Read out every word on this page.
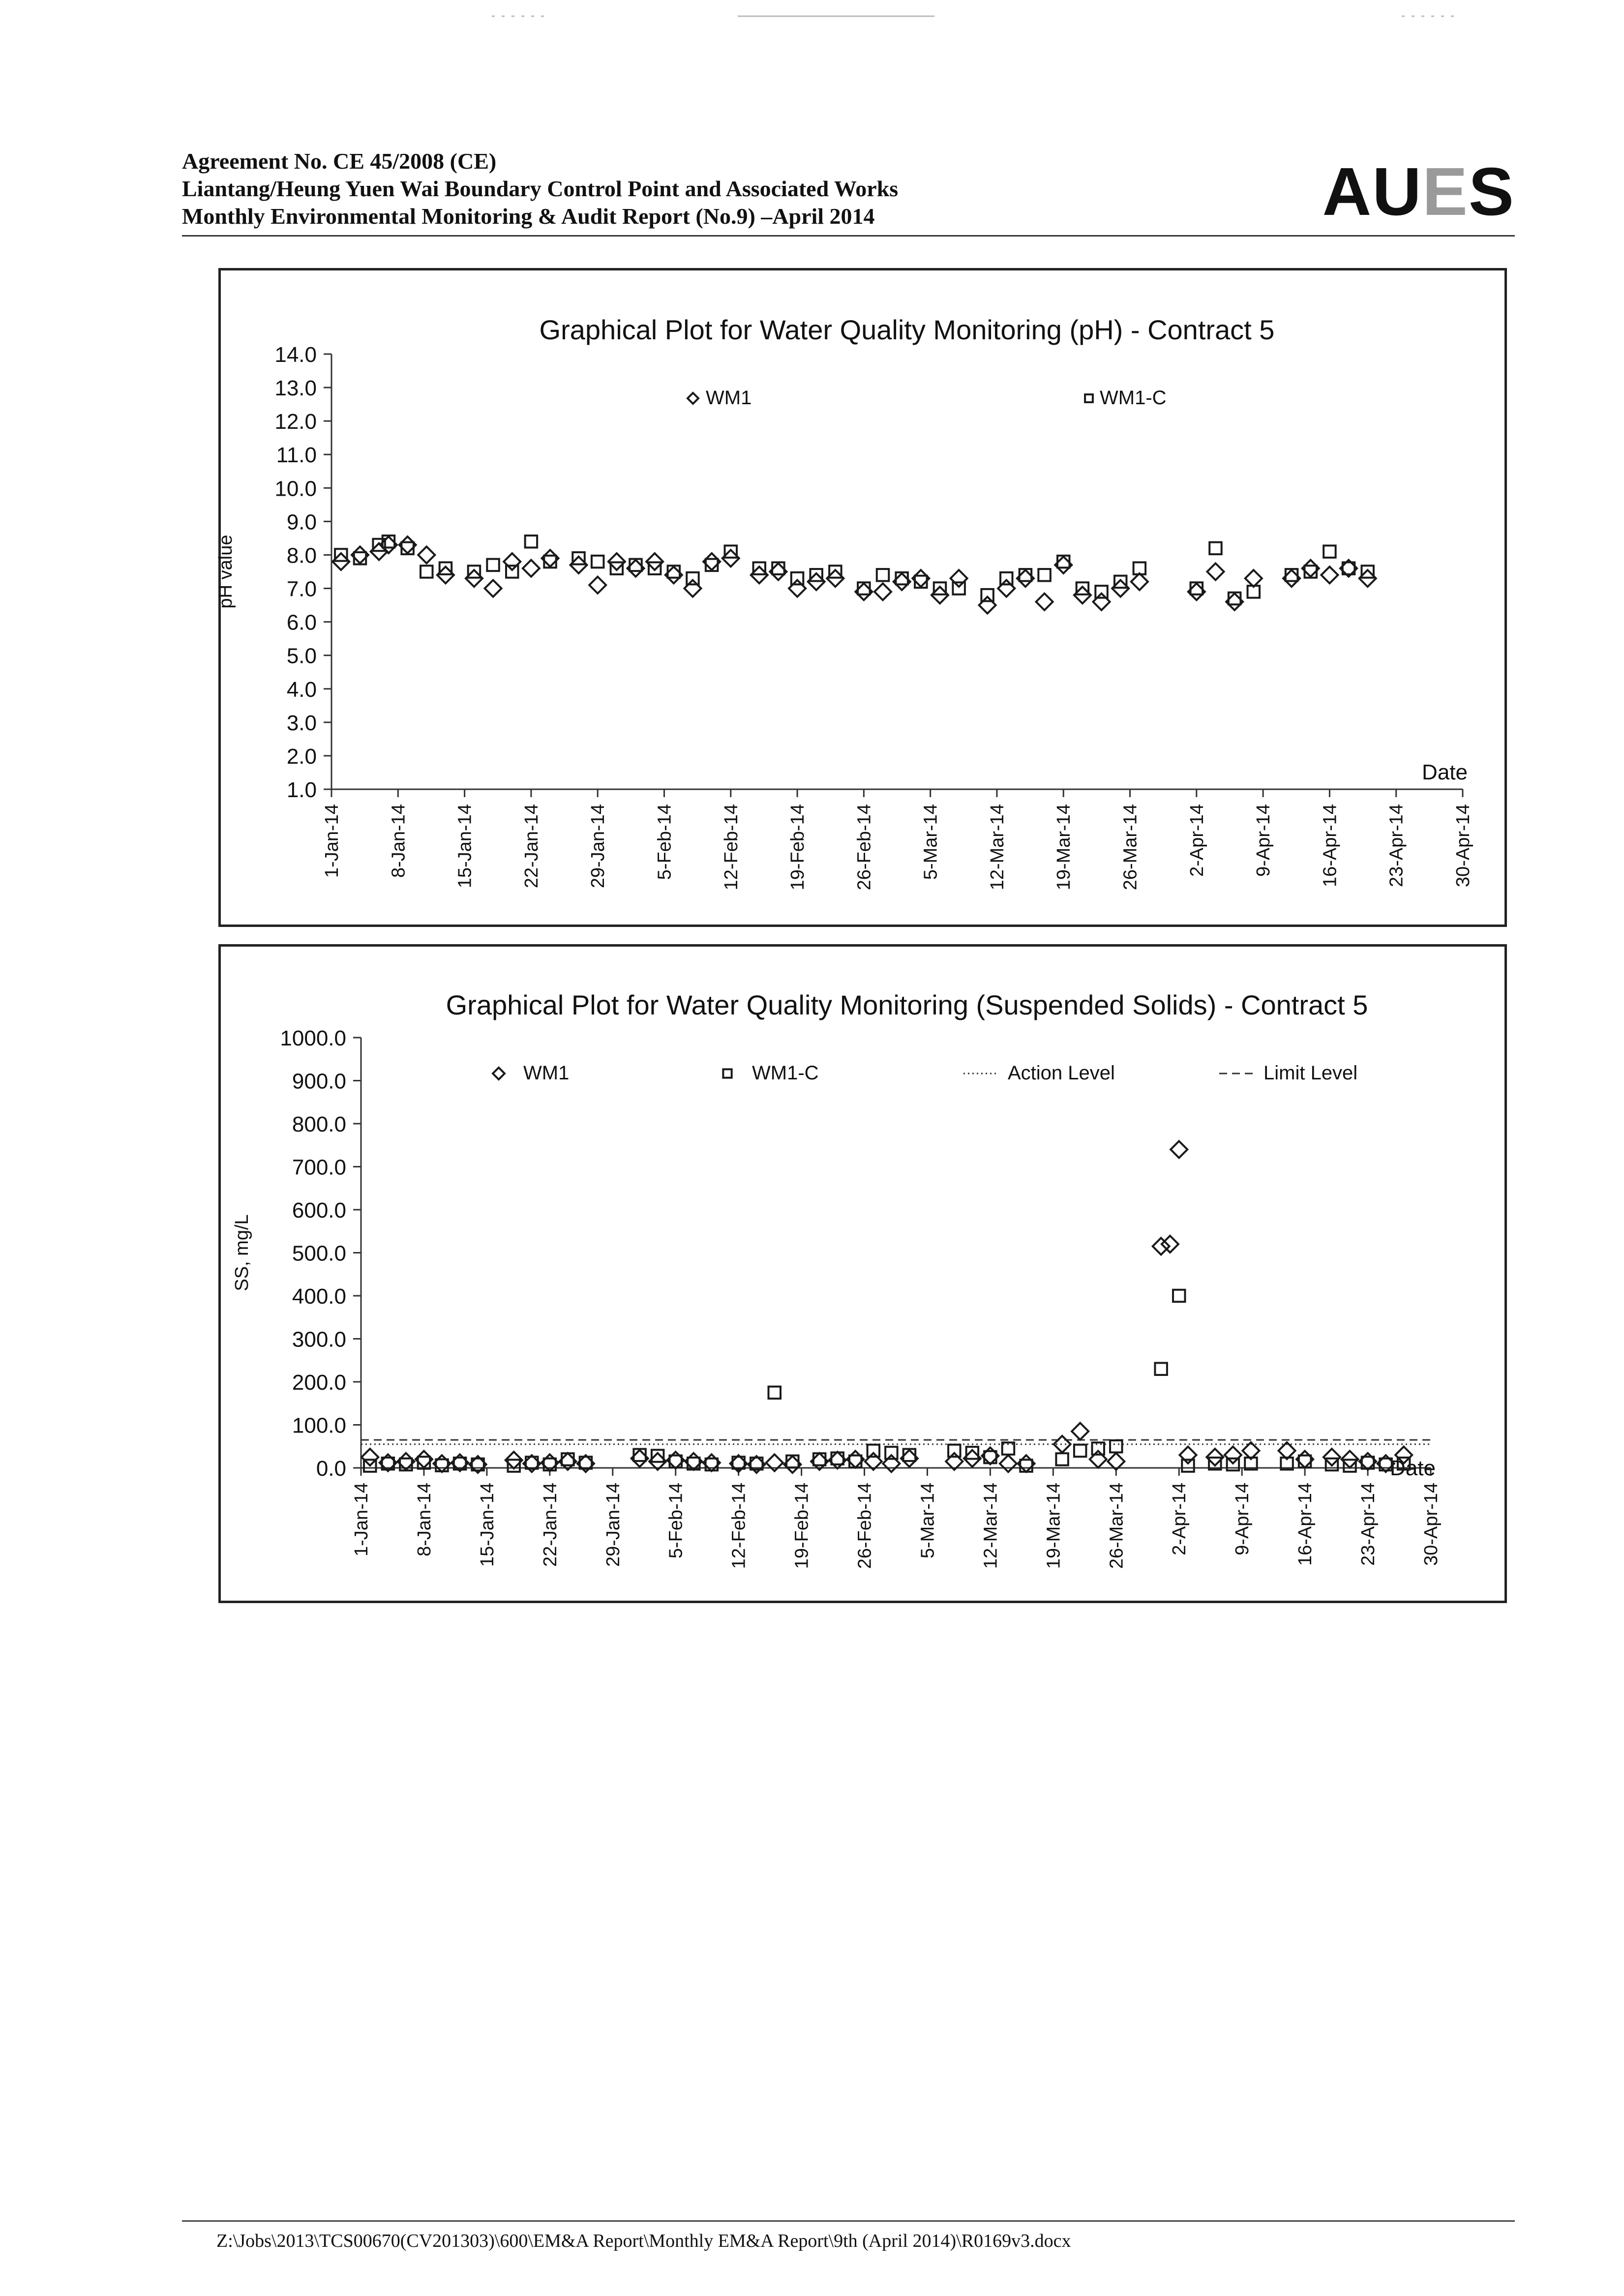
Agreement No. CE 45/2008 (CE)

Liantang/Heung Yuen Wai Boundary Control Point and Associated Works

Monthly Environmental Monitoring & Audit Report (No.9) –April 2014	AUES
Graphical Plot for Water Quality Monitoring (pH) - Contract 5
1.0
2.0
3.0
4.0
5.0
6.0
7.0
8.0
9.0
10.0
11.0
12.0
13.0
14.0
pH value
1-Jan-14 8-Jan-14 15-Jan-14 22-Jan-14 29-Jan-14 5-Feb-14 12-Feb-14 19-Feb-14 26-Feb-14 5-Mar-14 12-Mar-14 19-Mar-14 26-Mar-14 2-Apr-14 9-Apr-14 16-Apr-14 23-Apr-14 30-Apr-14
Date
WM1	WM1-C
Graphical Plot for Water Quality Monitoring (Suspended Solids) - Contract 5
0.0
100.0
200.0
300.0
400.0
500.0
600.0
700.0
800.0
900.0
1000.0
SS, mg/L
1-Jan-14 8-Jan-14 15-Jan-14 22-Jan-14 29-Jan-14 5-Feb-14 12-Feb-14 19-Feb-14 26-Feb-14 5-Mar-14 12-Mar-14 19-Mar-14 26-Mar-14 2-Apr-14 9-Apr-14 16-Apr-14 23-Apr-14 30-Apr-14
Date
WM1	WM1-C	Action Level	Limit Level
Z:\Jobs\2013\TCS00670(CV201303)\600\EM&A Report\Monthly EM&A Report\9th (April 2014)\R0169v3.docx
